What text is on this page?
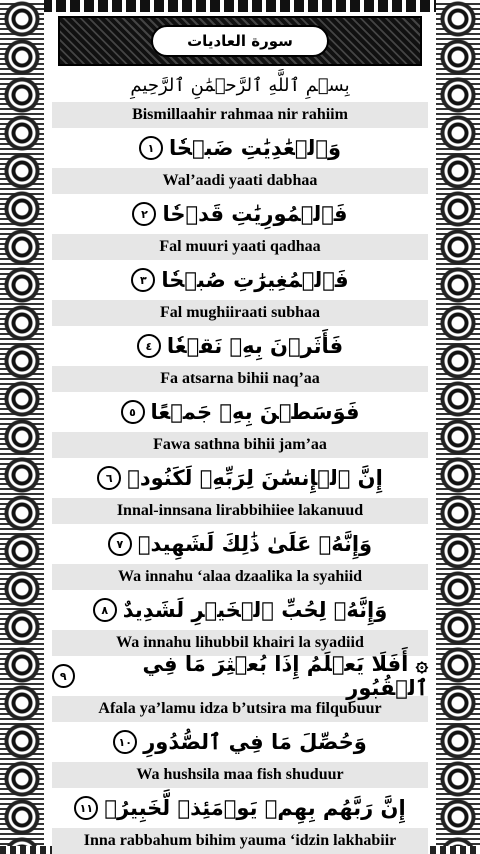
سورة العاديات
بِسۡمِ ٱللَّهِ ٱلرَّحۡمَٰنِ ٱلرَّحِيمِ
Bismillaahir rahmaa nir rahiim
وَٱلۡعَٰدِيَٰتِ ضَبۡحٗا
١
Wal’aadi yaati dabhaa
فَٱلۡمُورِيَٰتِ قَدۡحٗا
٢
Fal muuri yaati qadhaa
فَٱلۡمُغِيرَٰتِ صُبۡحٗا
٣
Fal mughiiraati subhaa
فَأَثَرۡنَ بِهِۦ نَقۡعٗا
٤
Fa atsarna bihii naq’aa
فَوَسَطۡنَ بِهِۦ جَمۡعًا
٥
Fawa sathna bihii jam’aa
إِنَّ ٱلۡإِنسَٰنَ لِرَبِّهِۦ لَكَنُودٞ
٦
Innal-innsana lirabbihiiee lakanuud
وَإِنَّهُۥ عَلَىٰ ذَٰلِكَ لَشَهِيدٞ
٧
Wa innahu ‘alaa dzaalika la syahiid
وَإِنَّهُۥ لِحُبِّ ٱلۡخَيۡرِ لَشَدِيدٌ
٨
Wa innahu lihubbil khairi la syadiid
۞ أَفَلَا يَعۡلَمُ إِذَا بُعۡثِرَ مَا فِي ٱلۡقُبُورِ
٩
Afala ya’lamu idza b’utsira ma filqubuur
وَحُصِّلَ مَا فِي ٱلصُّدُورِ
١٠
Wa hushsila maa fish shuduur
إِنَّ رَبَّهُم بِهِمۡ يَوۡمَئِذٖ لَّخَبِيرُۢ
١١
Inna rabbahum bihim yauma ‘idzin lakhabiir
